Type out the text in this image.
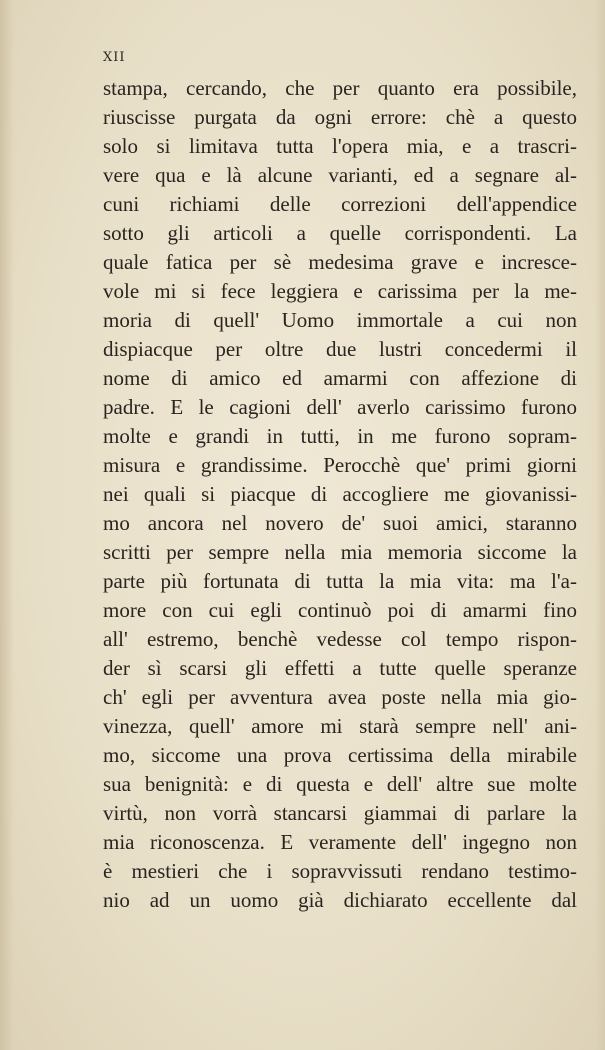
XII

stampa, cercando, che per quanto era possibile,
riuscisse purgata da ogni errore: chè a questo
solo si limitava tutta l'opera mia, e a trascri-
vere qua e là alcune varianti, ed a segnare al-
cuni richiami delle correzioni dell'appendice
sotto gli articoli a quelle corrispondenti. La
quale fatica per sè medesima grave e increscе-
vole mi si fece leggiera e carissima per la me-
moria di quell' Uomo immortale a cui non
dispiacque per oltre due lustri concedermi il
nome di amico ed amarmi con affezione di
padre. E le cagioni dell' averlo carissimo furono
molte e grandi in tutti, in me furono sopram-
misura e grandissime. Perocchè que' primi giorni
nei quali si piacque di accogliere me giovanissi-
mo ancora nel novero de' suoi amici, staranno
scritti per sempre nella mia memoria siccome la
parte più fortunata di tutta la mia vita: ma l'a-
more con cui egli continuò poi di amarmi fino
all' estremo, benchè vedesse col tempo rispon-
der sì scarsi gli effetti a tutte quelle speranze
ch' egli per avventura avea poste nella mia gio-
vinezza, quell' amore mi starà sempre nell' ani-
mo, siccome una prova certissima della mirabile
sua benignità: e di questa e dell' altre sue molte
virtù, non vorrà stancarsi giammai di parlare la
mia riconoscenza. E veramente dell' ingegno non
è mestieri che i sopravvissuti rendano testimo-
nio ad un uomo già dichiarato eccellente dal
